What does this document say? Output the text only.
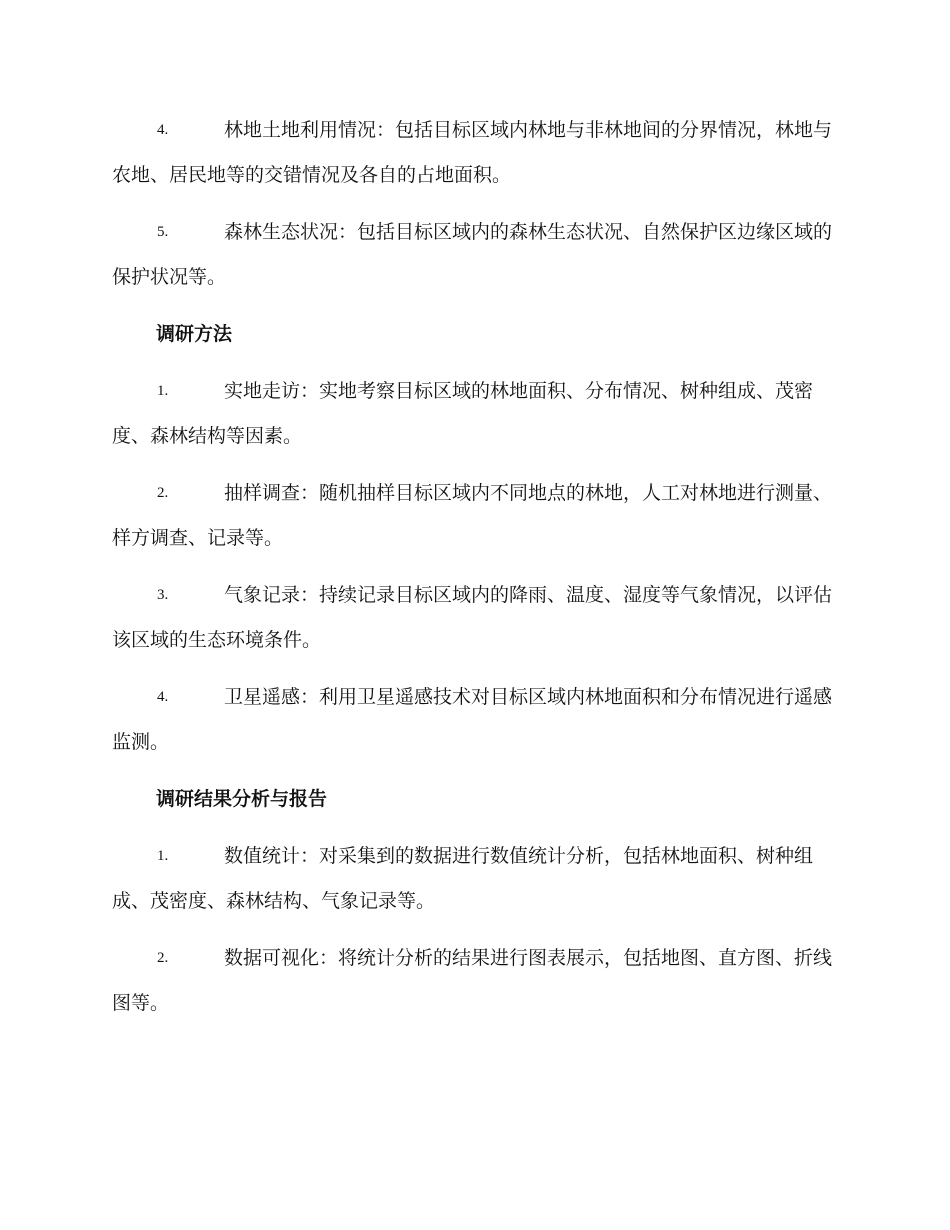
4.	林地土地利用情况：包括目标区域内林地与非林地间的分界情况，林地与农地、居民地等的交错情况及各自的占地面积。
5.	森林生态状况：包括目标区域内的森林生态状况、自然保护区边缘区域的保护状况等。
调研方法
1.	实地走访：实地考察目标区域的林地面积、分布情况、树种组成、茂密度、森林结构等因素。
2.	抽样调查：随机抽样目标区域内不同地点的林地，人工对林地进行测量、样方调查、记录等。
3.	气象记录：持续记录目标区域内的降雨、温度、湿度等气象情况，以评估该区域的生态环境条件。
4.	卫星遥感：利用卫星遥感技术对目标区域内林地面积和分布情况进行遥感监测。
调研结果分析与报告
1.	数值统计：对采集到的数据进行数值统计分析，包括林地面积、树种组成、茂密度、森林结构、气象记录等。
2.	数据可视化：将统计分析的结果进行图表展示，包括地图、直方图、折线图等。
